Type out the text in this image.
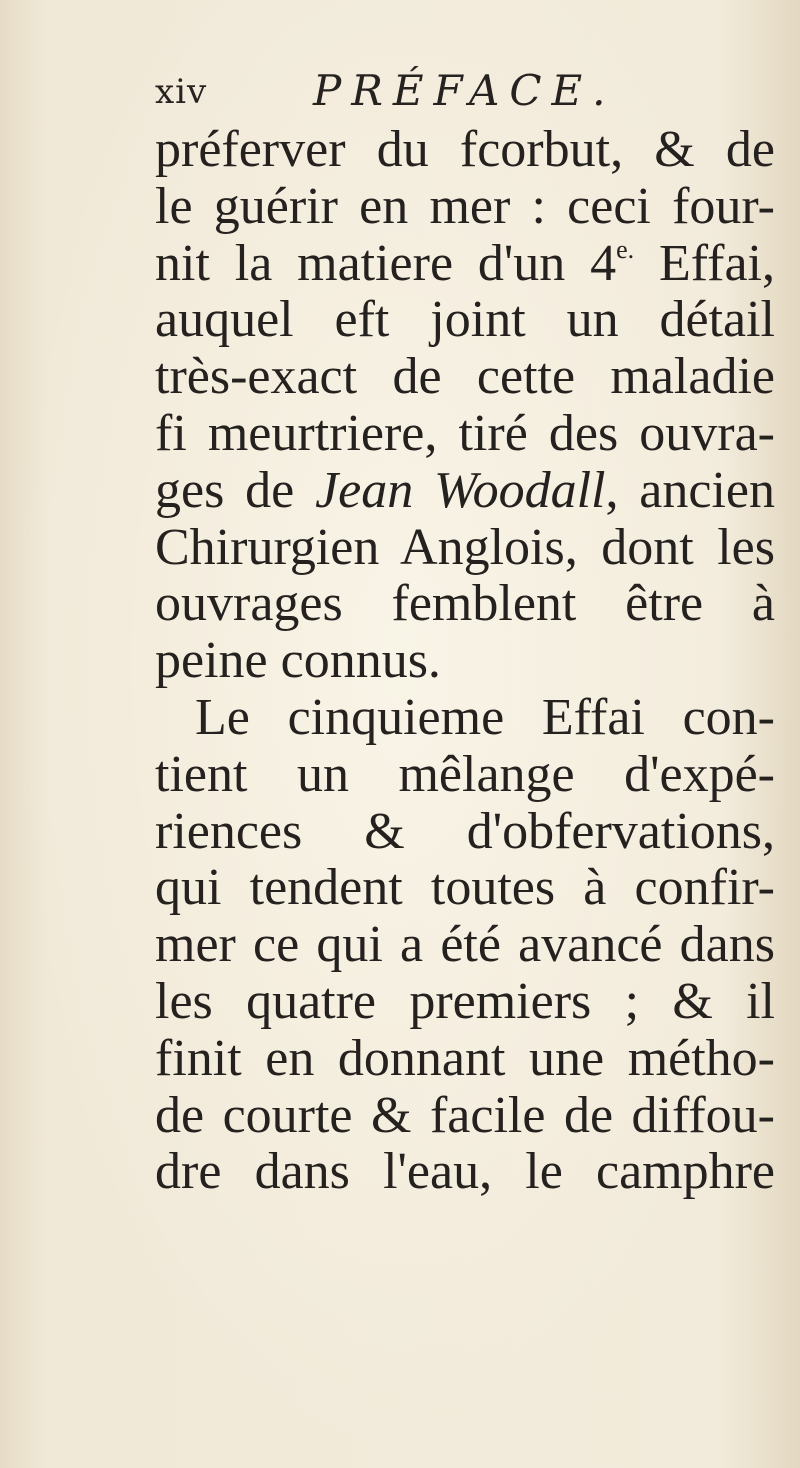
xiv	PRÉFACE.
préferver du fcorbut, & de
le guérir en mer : ceci four-
nit la matiere d'un $4^{e.}$ Effai,
auquel eft joint un détail
très-exact de cette maladie
fi meurtriere, tiré des ouvra-
ges de Jean Woodall, ancien
Chirurgien Anglois, dont les
ouvrages femblent être à
peine connus.
Le cinquieme Effai con-
tient un mêlange d'expé-
riences & d'obfervations,
qui tendent toutes à confir-
mer ce qui a été avancé dans
les quatre premiers ; & il
finit en donnant une métho-
de courte & facile de diffou-
dre dans l'eau, le camphre
